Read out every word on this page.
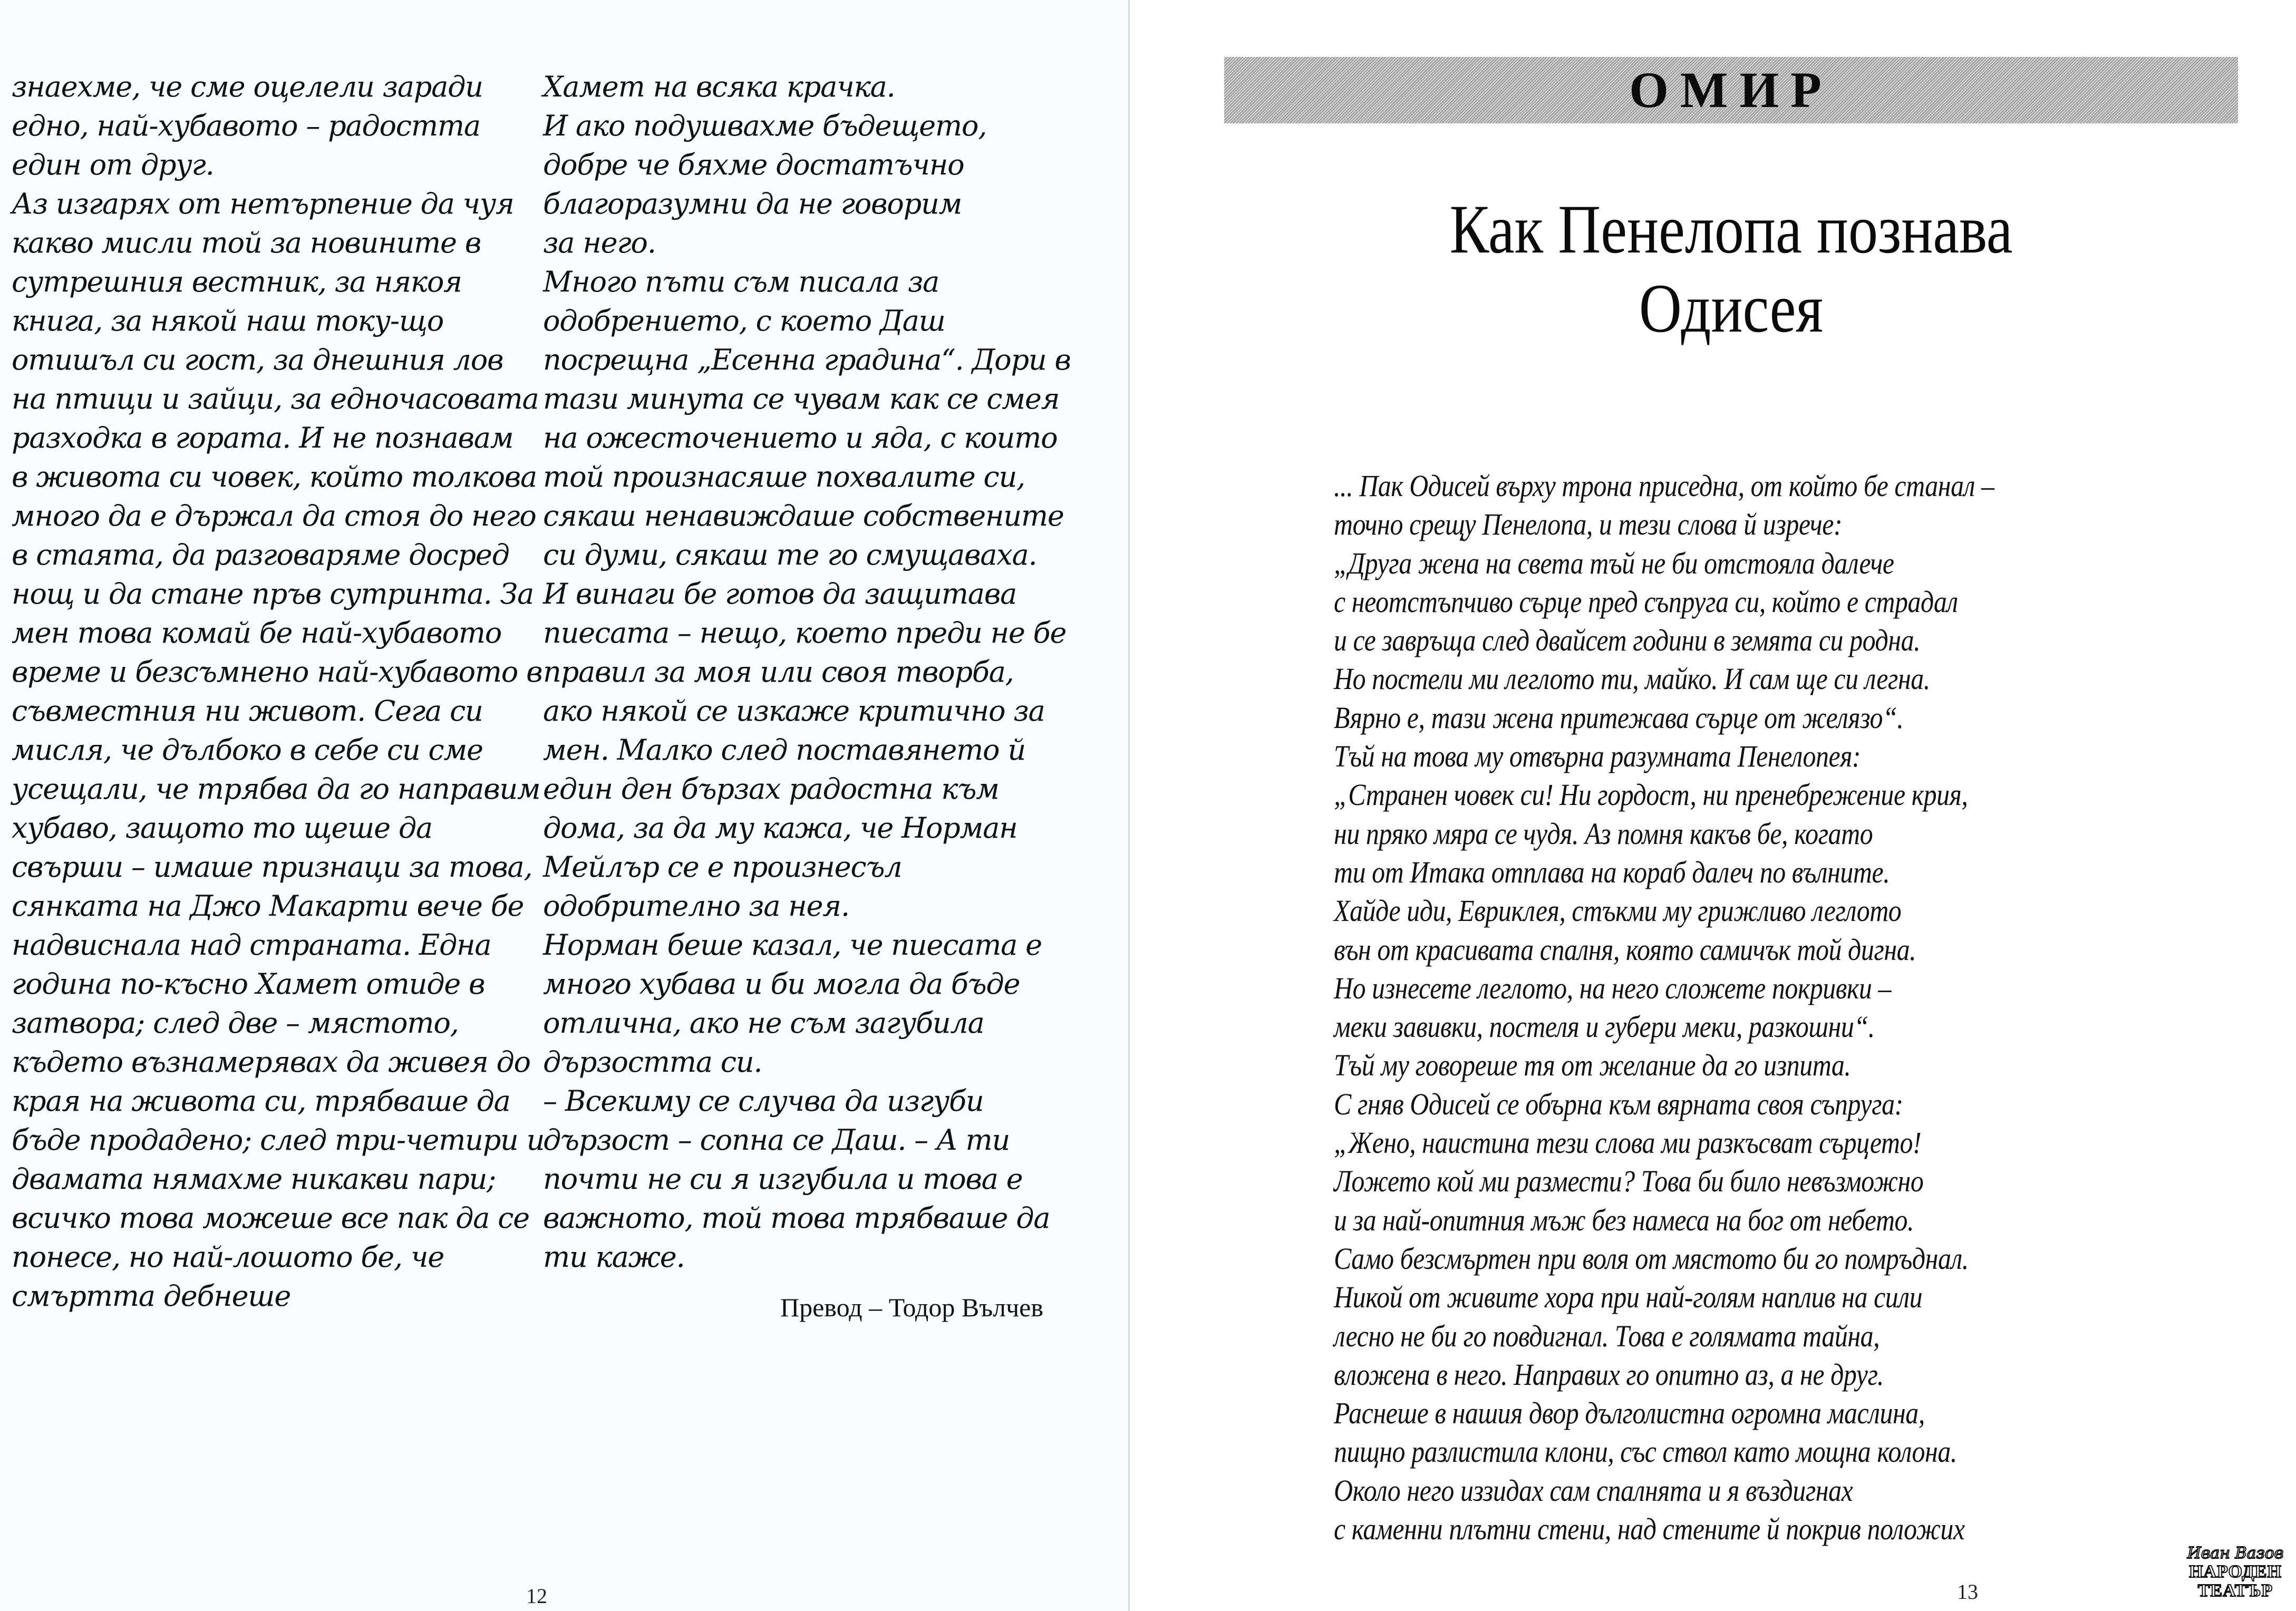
знаехме, че сме оцелели заради
едно, най-хубавото – радостта
един от друг.
Аз изгарях от нетърпение да чуя
какво мисли той за новините в
сутрешния вестник, за някоя
книга, за някой наш току-що
отишъл си гост, за днешния лов
на птици и зайци, за едночасовата
разходка в гората. И не познавам
в живота си човек, който толкова
много да е държал да стоя до него
в стаята, да разговаряме досред
нощ и да стане пръв сутринта. За
мен това комай бе най-хубавото
време и безсъмнено най-хубавото в
съвместния ни живот. Сега си
мисля, че дълбоко в себе си сме
усещали, че трябва да го направим
хубаво, защото то щеше да
свърши – имаше признаци за това,
сянката на Джо Макарти вече бе
надвиснала над страната. Една
година по-късно Хамет отиде в
затвора; след две – мястото,
където възнамерявах да живея до
края на живота си, трябваше да
бъде продадено; след три-четири и
двамата нямахме никакви пари;
всичко това можеше все пак да се
понесе, но най-лошото бе, че
смъртта дебнеше
Хамет на всяка крачка.
И ако подушвахме бъдещето,
добре че бяхме достатъчно
благоразумни да не говорим
за него.
Много пъти съм писала за
одобрението, с което Даш
посрещна „Есенна градина“. Дори в
тази минута се чувам как се смея
на ожесточението и яда, с които
той произнасяше похвалите си,
сякаш ненавиждаше собствените
си думи, сякаш те го смущаваха.
И винаги бе готов да защитава
пиесата – нещо, което преди не бе
правил за моя или своя творба,
ако някой се изкаже критично за
мен. Малко след поставянето й
един ден бързах радостна към
дома, за да му кажа, че Норман
Мейлър се е произнесъл
одобрително за нея.
Норман беше казал, че пиесата е
много хубава и би могла да бъде
отлична, ако не съм загубила
дързостта си.
– Всекиму се случва да изгуби
дързост – сопна се Даш. – А ти
почти не си я изгубила и това е
важното, той това трябваше да
ти каже.
Превод – Тодор Вълчев
12
ОМИР
Как Пенелопа познава
Одисея
... Пак Одисей върху трона приседна, от който бе станал –
точно срещу Пенелопа, и тези слова й изрече:
„Друга жена на света тъй не би отстояла далече
с неотстъпчиво сърце пред съпруга си, който е страдал
и се завръща след двайсет години в земята си родна.
Но постели ми леглото ти, майко. И сам ще си легна.
Вярно е, тази жена притежава сърце от желязо“.
Тъй на това му отвърна разумната Пенелопея:
„Странен човек си! Ни гордост, ни пренебрежение крия,
ни пряко мяра се чудя. Аз помня какъв бе, когато
ти от Итака отплава на кораб далеч по вълните.
Хайде иди, Евриклея, стъкми му грижливо леглото
вън от красивата спалня, която самичък той дигна.
Но изнесете леглото, на него сложете покривки –
меки завивки, постеля и губери меки, разкошни“.
Тъй му говореше тя от желание да го изпита.
С гняв Одисей се обърна към вярната своя съпруга:
„Жено, наистина тези слова ми разкъсват сърцето!
Ложето кой ми размести? Това би било невъзможно
и за най-опитния мъж без намеса на бог от небето.
Само безсмъртен при воля от мястото би го помръднал.
Никой от живите хора при най-голям наплив на сили
лесно не би го повдигнал. Това е голямата тайна,
вложена в него. Направих го опитно аз, а не друг.
Раснеше в нашия двор дълголистна огромна маслина,
пищно разлистила клони, със ствол като мощна колона.
Около него иззидах сам спалнята и я въздигнах
с каменни плътни стени, над стените й покрив положих
Иван Вазов
НАРОДЕН
ТЕАТЪР
13
